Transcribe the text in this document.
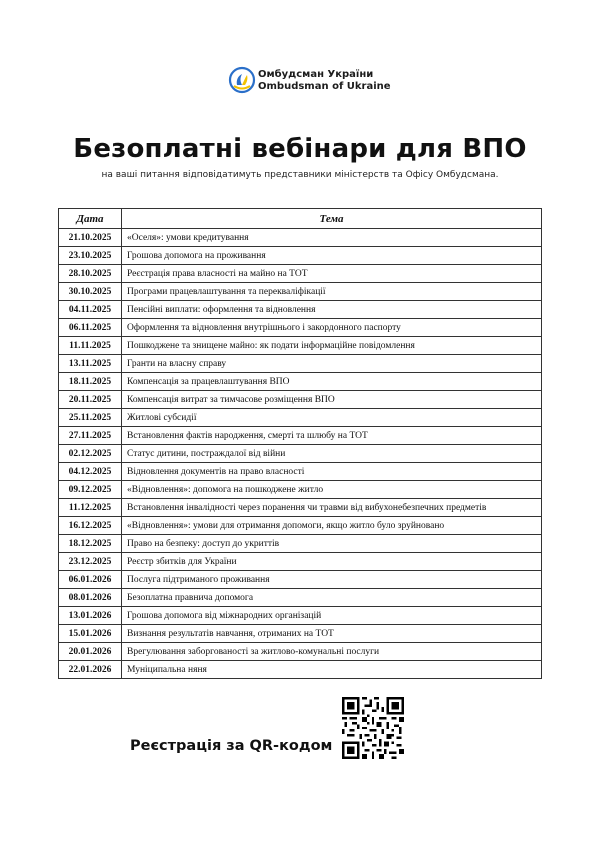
Омбудсман України
Ombudsman of Ukraine
Безоплатні вебінари для ВПО
на ваші питання відповідатимуть представники міністерств та Офісу Омбудсмана.
Дата	Тема
21.10.2025	«Оселя»: умови кредитування
23.10.2025	Грошова допомога на проживання
28.10.2025	Реєстрація права власності на майно на ТОТ
30.10.2025	Програми працевлаштування та перекваліфікації
04.11.2025	Пенсійні виплати: оформлення та відновлення
06.11.2025	Оформлення та відновлення внутрішнього і закордонного паспорту
11.11.2025	Пошкоджене та знищене майно: як подати інформаційне повідомлення
13.11.2025	Гранти на власну справу
18.11.2025	Компенсація за працевлаштування ВПО
20.11.2025	Компенсація витрат за тимчасове розміщення ВПО
25.11.2025	Житлові субсидії
27.11.2025	Встановлення фактів народження, смерті та шлюбу на ТОТ
02.12.2025	Статус дитини, постраждалої від війни
04.12.2025	Відновлення документів на право власності
09.12.2025	«Відновлення»: допомога на пошкоджене житло
11.12.2025	Встановлення інвалідності через поранення чи травми від вибухонебезпечних предметів
16.12.2025	«Відновлення»: умови для отримання допомоги, якщо житло було зруйновано
18.12.2025	Право на безпеку: доступ до укриттів
23.12.2025	Реєстр збитків для України
06.01.2026	Послуга підтриманого проживання
08.01.2026	Безоплатна правнича допомога
13.01.2026	Грошова допомога від міжнародних організацій
15.01.2026	Визнання результатів навчання, отриманих на ТОТ
20.01.2026	Врегулювання заборгованості за житлово-комунальні послуги
22.01.2026	Муніципальна няня
Реєстрація за QR-кодом
